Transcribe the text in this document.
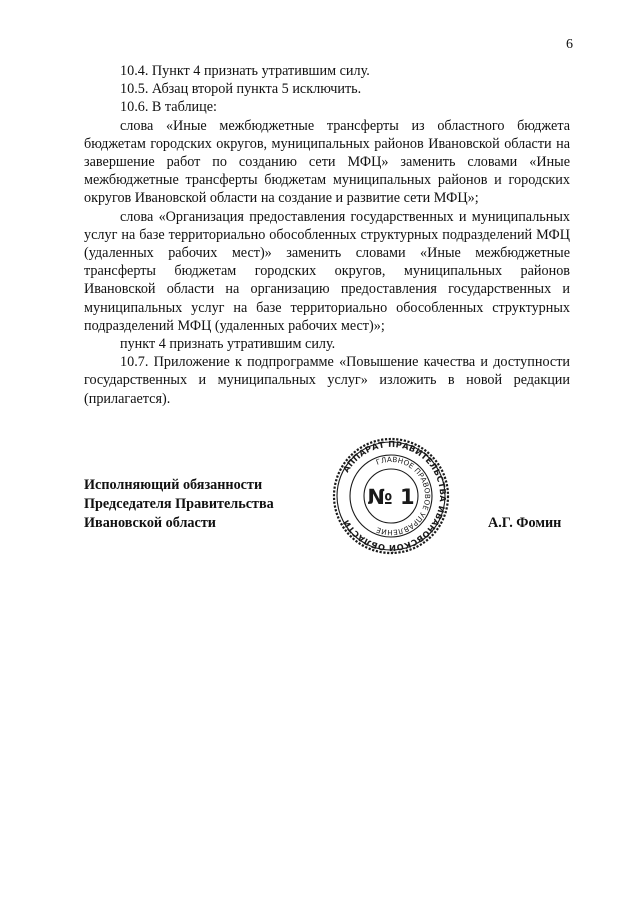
6

10.4. Пункт 4 признать утратившим силу.

10.5. Абзац второй пункта 5 исключить.

10.6. В таблице:

слова «Иные межбюджетные трансферты из областного бюджета бюджетам городских округов, муниципальных районов Ивановской области на завершение работ по созданию сети МФЦ» заменить словами «Иные межбюджетные трансферты бюджетам муниципальных районов и городских округов Ивановской области на создание и развитие сети МФЦ»;

слова «Организация предоставления государственных и муниципальных услуг на базе территориально обособленных структурных подразделений МФЦ (удаленных рабочих мест)» заменить словами «Иные межбюджетные трансферты бюджетам городских округов, муниципальных районов Ивановской области на организацию предоставления государственных и муниципальных услуг на базе территориально обособленных структурных подразделений МФЦ (удаленных рабочих мест)»;

пункт 4 признать утратившим силу.

10.7. Приложение к подпрограмме «Повышение качества и доступности государственных и муниципальных услуг» изложить в новой редакции (прилагается).

Исполняющий обязанности
Председателя Правительства
Ивановской области	А.Г. Фомин
АППАРАТ ПРАВИТЕЛЬСТВА ИВАНОВСКОЙ ОБЛАСТИ
ГЛАВНОЕ ПРАВОВОЕ УПРАВЛЕНИЕ
№ 1
